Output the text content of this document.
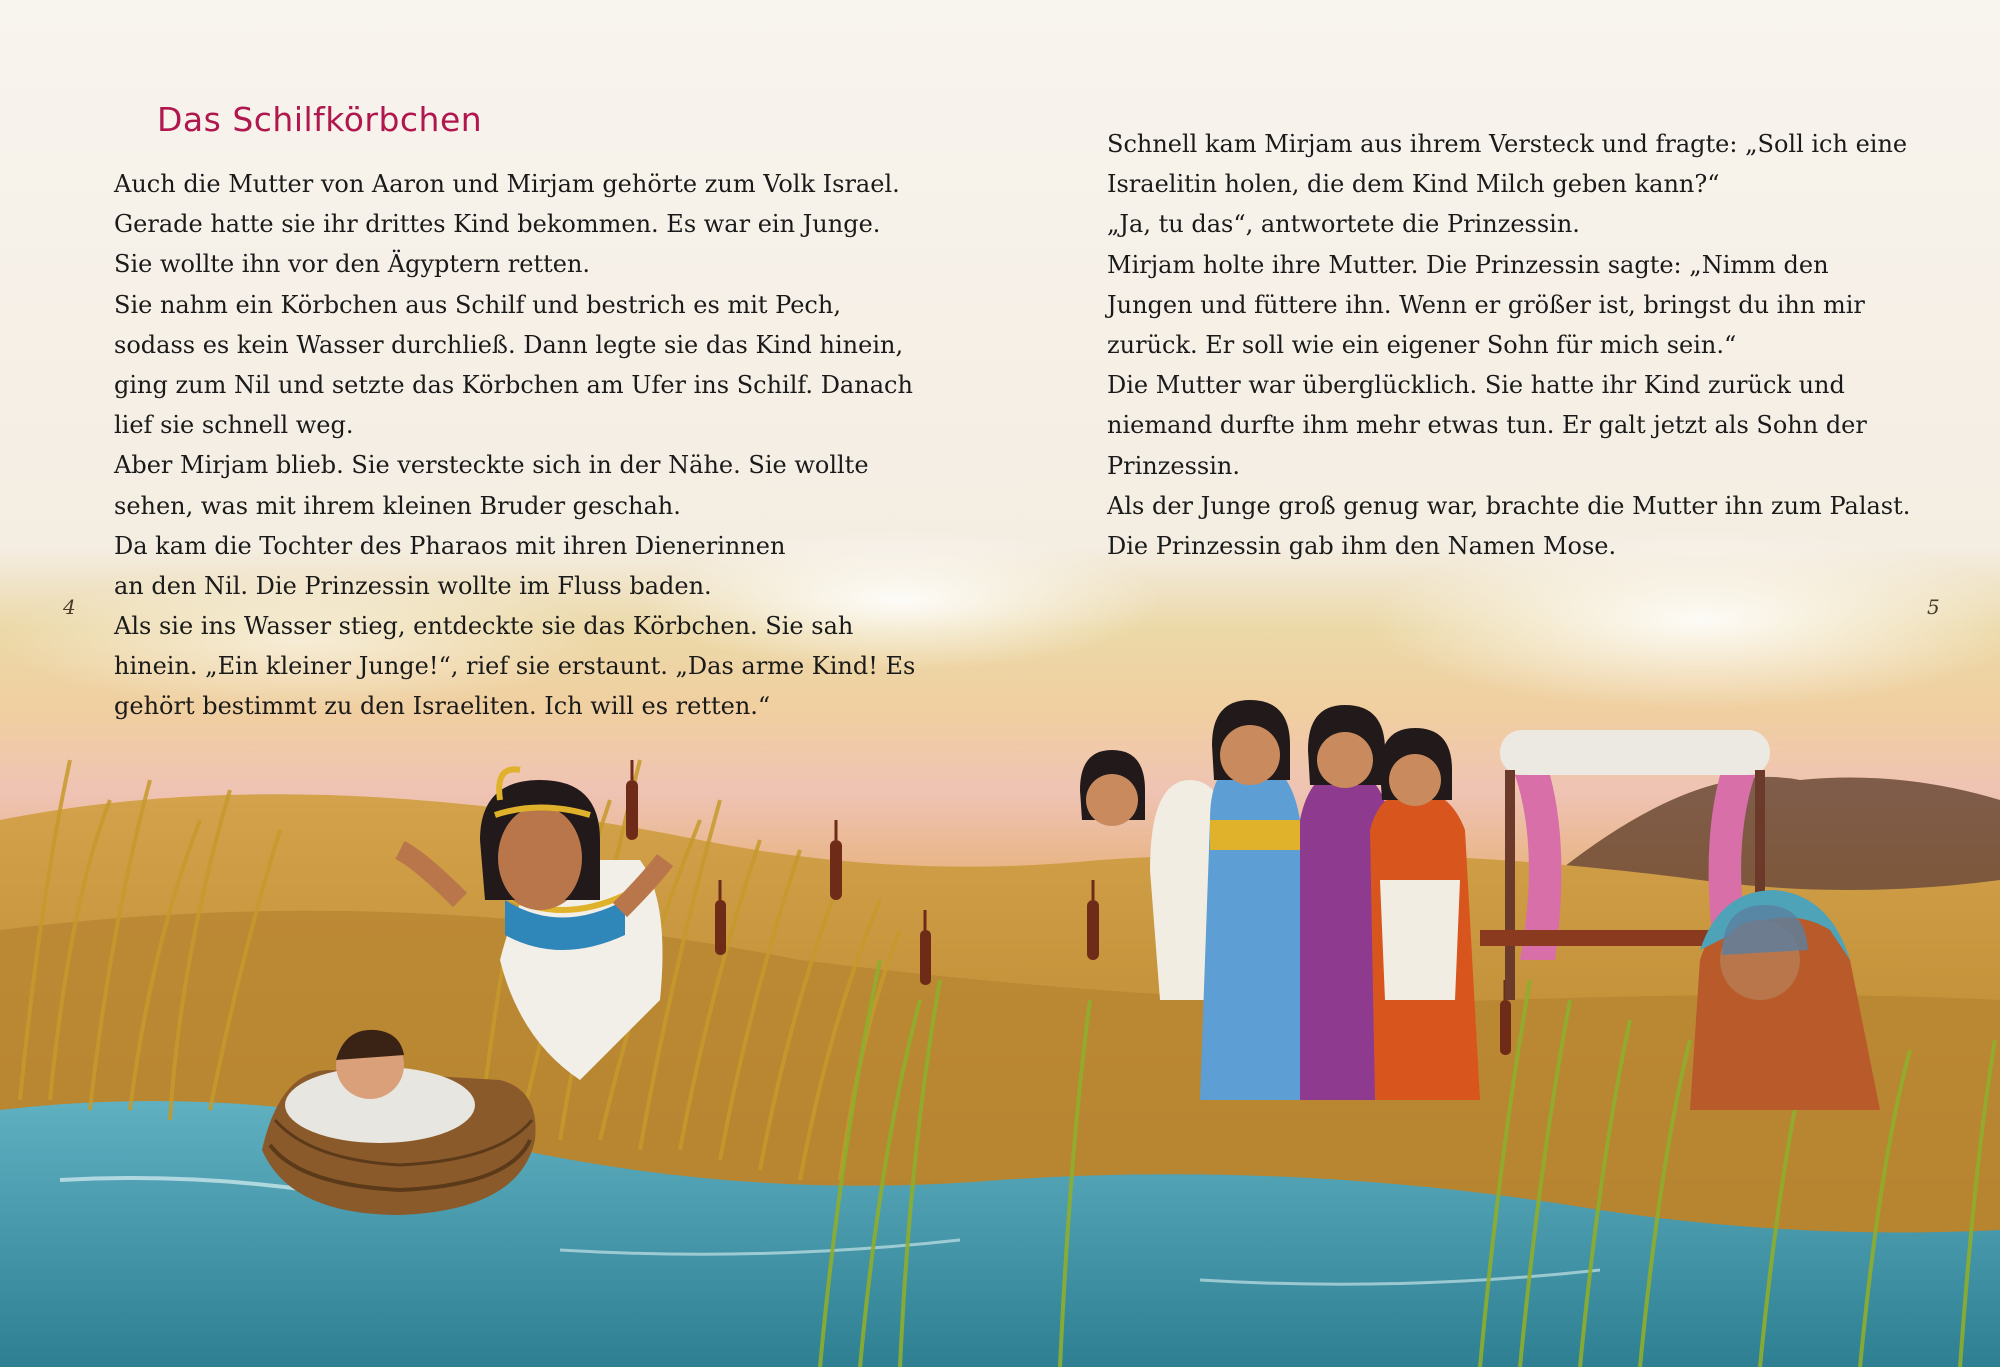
Das Schilfkörbchen
Auch die Mutter von Aaron und Mirjam gehörte zum Volk Israel.
Gerade hatte sie ihr drittes Kind bekommen. Es war ein Junge.
Sie wollte ihn vor den Ägyptern retten.
Sie nahm ein Körbchen aus Schilf und bestrich es mit Pech,
sodass es kein Wasser durchließ. Dann legte sie das Kind hinein,
ging zum Nil und setzte das Körbchen am Ufer ins Schilf. Danach
lief sie schnell weg.
Aber Mirjam blieb. Sie versteckte sich in der Nähe. Sie wollte
sehen, was mit ihrem kleinen Bruder geschah.
Da kam die Tochter des Pharaos mit ihren Dienerinnen
an den Nil. Die Prinzessin wollte im Fluss baden.
Als sie ins Wasser stieg, entdeckte sie das Körbchen. Sie sah
hinein. „Ein kleiner Junge!“, rief sie erstaunt. „Das arme Kind! Es
gehört bestimmt zu den Israeliten. Ich will es retten.“
Schnell kam Mirjam aus ihrem Versteck und fragte: „Soll ich eine
Israelitin holen, die dem Kind Milch geben kann?“
„Ja, tu das“, antwortete die Prinzessin.
Mirjam holte ihre Mutter. Die Prinzessin sagte: „Nimm den
Jungen und füttere ihn. Wenn er größer ist, bringst du ihn mir
zurück. Er soll wie ein eigener Sohn für mich sein.“
Die Mutter war überglücklich. Sie hatte ihr Kind zurück und
niemand durfte ihm mehr etwas tun. Er galt jetzt als Sohn der
Prinzessin.
Als der Junge groß genug war, brachte die Mutter ihn zum Palast.
Die Prinzessin gab ihm den Namen Mose.
4	5
